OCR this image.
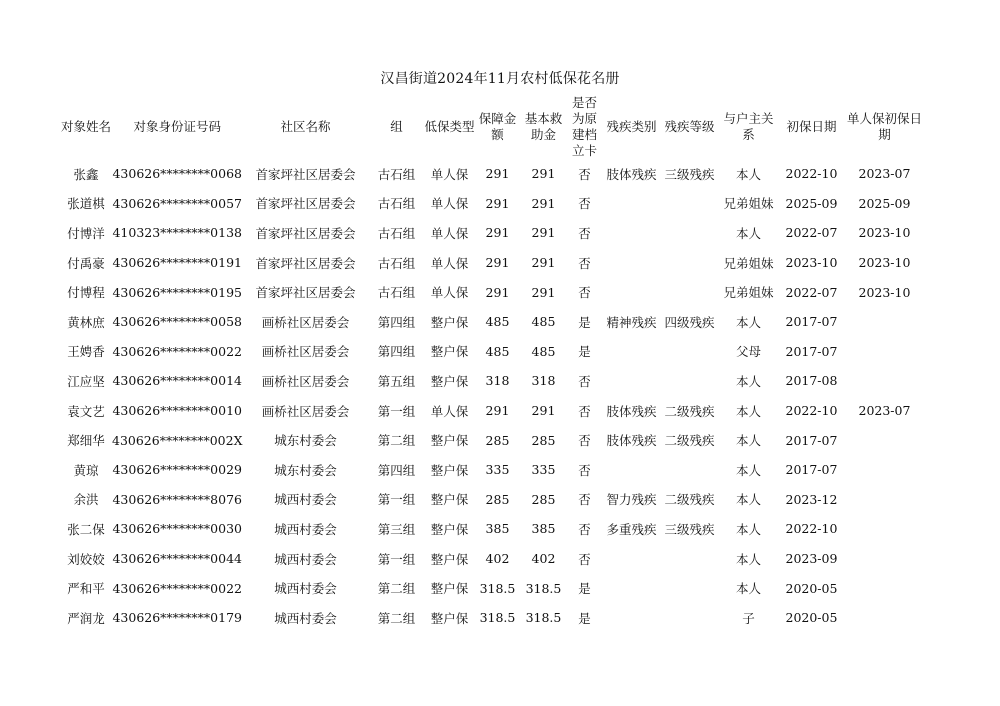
汉昌街道2024年11月农村低保花名册
对象姓名	对象身份证号码	社区名称	组	低保类型	保障金额	基本救助金	是否为原建档立卡	残疾类别	残疾等级	与户主关系	初保日期	单人保初保日期
张鑫	430626********0068	首家坪社区居委会	古石组	单人保	291	291	否	肢体残疾	三级残疾	本人	2022-10	2023-07
张道棋	430626********0057	首家坪社区居委会	古石组	单人保	291	291	否			兄弟姐妹	2025-09	2025-09
付博洋	410323********0138	首家坪社区居委会	古石组	单人保	291	291	否			本人	2022-07	2023-10
付禹豪	430626********0191	首家坪社区居委会	古石组	单人保	291	291	否			兄弟姐妹	2023-10	2023-10
付博程	430626********0195	首家坪社区居委会	古石组	单人保	291	291	否			兄弟姐妹	2022-07	2023-10
黄林庶	430626********0058	画桥社区居委会	第四组	整户保	485	485	是	精神残疾	四级残疾	本人	2017-07	
王娉香	430626********0022	画桥社区居委会	第四组	整户保	485	485	是			父母	2017-07	
江应坚	430626********0014	画桥社区居委会	第五组	整户保	318	318	否			本人	2017-08	
袁文艺	430626********0010	画桥社区居委会	第一组	单人保	291	291	否	肢体残疾	二级残疾	本人	2022-10	2023-07
郑细华	430626********002X	城东村委会	第二组	整户保	285	285	否	肢体残疾	二级残疾	本人	2017-07	
黄琼	430626********0029	城东村委会	第四组	整户保	335	335	否			本人	2017-07	
余洪	430626********8076	城西村委会	第一组	整户保	285	285	否	智力残疾	二级残疾	本人	2023-12	
张二保	430626********0030	城西村委会	第三组	整户保	385	385	否	多重残疾	三级残疾	本人	2022-10	
刘姣姣	430626********0044	城西村委会	第一组	整户保	402	402	否			本人	2023-09	
严和平	430626********0022	城西村委会	第二组	整户保	318.5	318.5	是			本人	2020-05	
严润龙	430626********0179	城西村委会	第二组	整户保	318.5	318.5	是			子	2020-05	
